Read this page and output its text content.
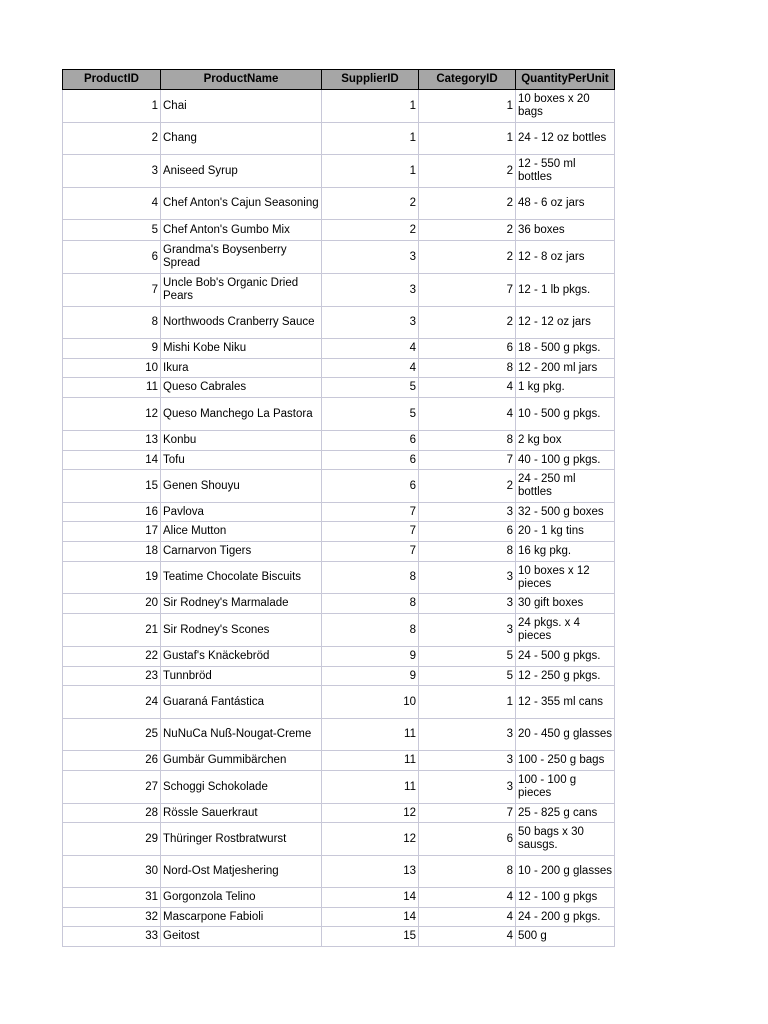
ProductID	ProductName	SupplierID	CategoryID	QuantityPerUnit
1	Chai	1	1	10 boxes x 20 bags
2	Chang	1	1	24 - 12 oz bottles
3	Aniseed Syrup	1	2	12 - 550 ml bottles
4	Chef Anton's Cajun Seasoning	2	2	48 - 6 oz jars
5	Chef Anton's Gumbo Mix	2	2	36 boxes
6	Grandma's Boysenberry Spread	3	2	12 - 8 oz jars
7	Uncle Bob's Organic Dried Pears	3	7	12 - 1 lb pkgs.
8	Northwoods Cranberry Sauce	3	2	12 - 12 oz jars
9	Mishi Kobe Niku	4	6	18 - 500 g pkgs.
10	Ikura	4	8	12 - 200 ml jars
11	Queso Cabrales	5	4	1 kg pkg.
12	Queso Manchego La Pastora	5	4	10 - 500 g pkgs.
13	Konbu	6	8	2 kg box
14	Tofu	6	7	40 - 100 g pkgs.
15	Genen Shouyu	6	2	24 - 250 ml bottles
16	Pavlova	7	3	32 - 500 g boxes
17	Alice Mutton	7	6	20 - 1 kg tins
18	Carnarvon Tigers	7	8	16 kg pkg.
19	Teatime Chocolate Biscuits	8	3	10 boxes x 12 pieces
20	Sir Rodney's Marmalade	8	3	30 gift boxes
21	Sir Rodney's Scones	8	3	24 pkgs. x 4 pieces
22	Gustaf's Knäckebröd	9	5	24 - 500 g pkgs.
23	Tunnbröd	9	5	12 - 250 g pkgs.
24	Guaraná Fantástica	10	1	12 - 355 ml cans
25	NuNuCa Nuß-Nougat-Creme	11	3	20 - 450 g glasses
26	Gumbär Gummibärchen	11	3	100 - 250 g bags
27	Schoggi Schokolade	11	3	100 - 100 g pieces
28	Rössle Sauerkraut	12	7	25 - 825 g cans
29	Thüringer Rostbratwurst	12	6	50 bags x 30 sausgs.
30	Nord-Ost Matjeshering	13	8	10 - 200 g glasses
31	Gorgonzola Telino	14	4	12 - 100 g pkgs
32	Mascarpone Fabioli	14	4	24 - 200 g pkgs.
33	Geitost	15	4	500 g
